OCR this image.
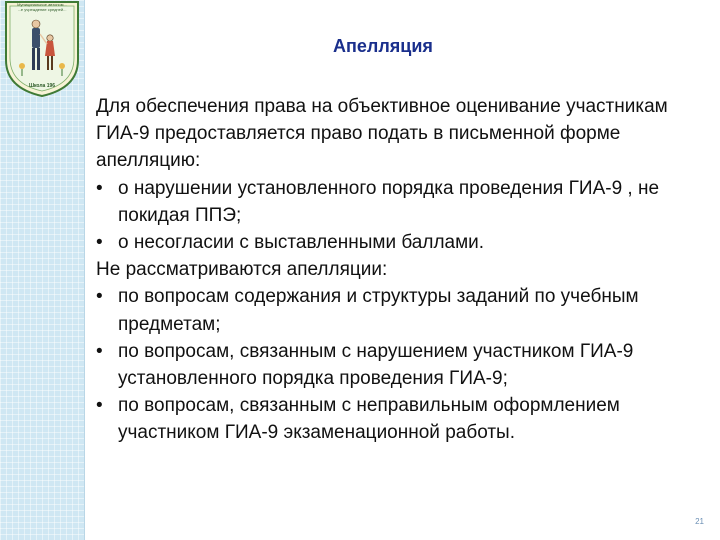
Муниципальное автоном...
...е учреждение средней...
Школа 196
Апелляция

Для обеспечения права на объективное оценивание участникам ГИА-9 предоставляется право подать в письменной форме апелляцию:

• о нарушении установленного порядка проведения ГИА-9 , не покидая ППЭ;
• о несогласии с выставленными баллами.

Не рассматриваются апелляции:

• по вопросам содержания и структуры заданий по учебным предметам;
• по вопросам, связанным с нарушением участником ГИА-9 установленного порядка проведения ГИА-9;
• по вопросам, связанным с неправильным оформлением участником ГИА-9 экзаменационной работы.
21
